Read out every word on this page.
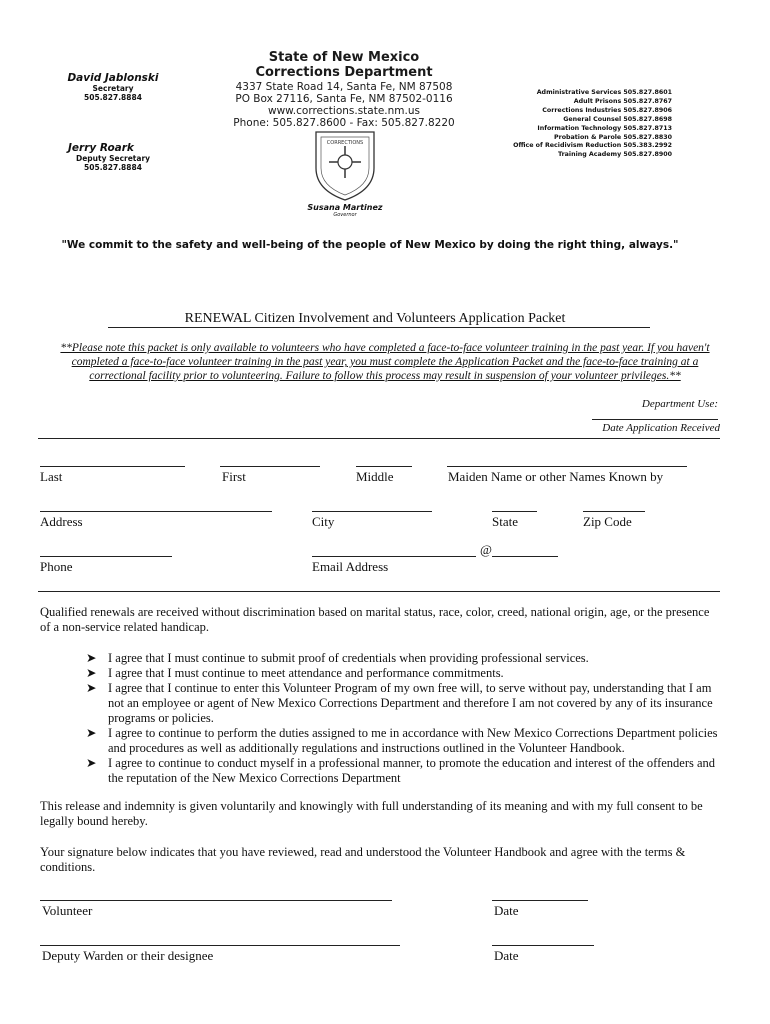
David Jablonski
Secretary
505.827.8884
Jerry Roark
Deputy Secretary
505.827.8884
State of New Mexico
Corrections Department
4337 State Road 14, Santa Fe, NM 87508
PO Box 27116, Santa Fe, NM 87502-0116
www.corrections.state.nm.us
Phone: 505.827.8600 - Fax: 505.827.8220
CORRECTIONS
Susana Martinez
Governor
Administrative Services 505.827.8601
Adult Prisons 505.827.8767
Corrections Industries 505.827.8906
General Counsel 505.827.8698
Information Technology 505.827.8713
Probation & Parole 505.827.8830
Office of Recidivism Reduction 505.383.2992
Training Academy 505.827.8900
"We commit to the safety and well-being of the people of New Mexico by doing the right thing, always."
RENEWAL Citizen Involvement and Volunteers Application Packet
**Please note this packet is only available to volunteers who have completed a face-to-face volunteer training in the past year. If you haven't
completed a face-to-face volunteer training in the past year, you must complete the Application Packet and the face-to-face training at a
correctional facility prior to volunteering. Failure to follow this process may result in suspension of your volunteer privileges.**
Department Use:
Date Application Received
Last	First	Middle	Maiden Name or other Names Known by
Address	City	State	Zip Code
@
Phone	Email Address
Qualified renewals are received without discrimination based on marital status, race, color, creed, national origin, age, or the presence of a non-service related handicap.
➤ I agree that I must continue to submit proof of credentials when providing professional services.
➤ I agree that I must continue to meet attendance and performance commitments.
➤ I agree that I continue to enter this Volunteer Program of my own free will, to serve without pay, understanding that I am not an employee or agent of New Mexico Corrections Department and therefore I am not covered by any of its insurance programs or policies.
➤ I agree to continue to perform the duties assigned to me in accordance with New Mexico Corrections Department policies and procedures as well as additionally regulations and instructions outlined in the Volunteer Handbook.
➤ I agree to continue to conduct myself in a professional manner, to promote the education and interest of the offenders and the reputation of the New Mexico Corrections Department
This release and indemnity is given voluntarily and knowingly with full understanding of its meaning and with my full consent to be legally bound hereby.
Your signature below indicates that you have reviewed, read and understood the Volunteer Handbook and agree with the terms & conditions.
Volunteer	Date
Deputy Warden or their designee	Date
